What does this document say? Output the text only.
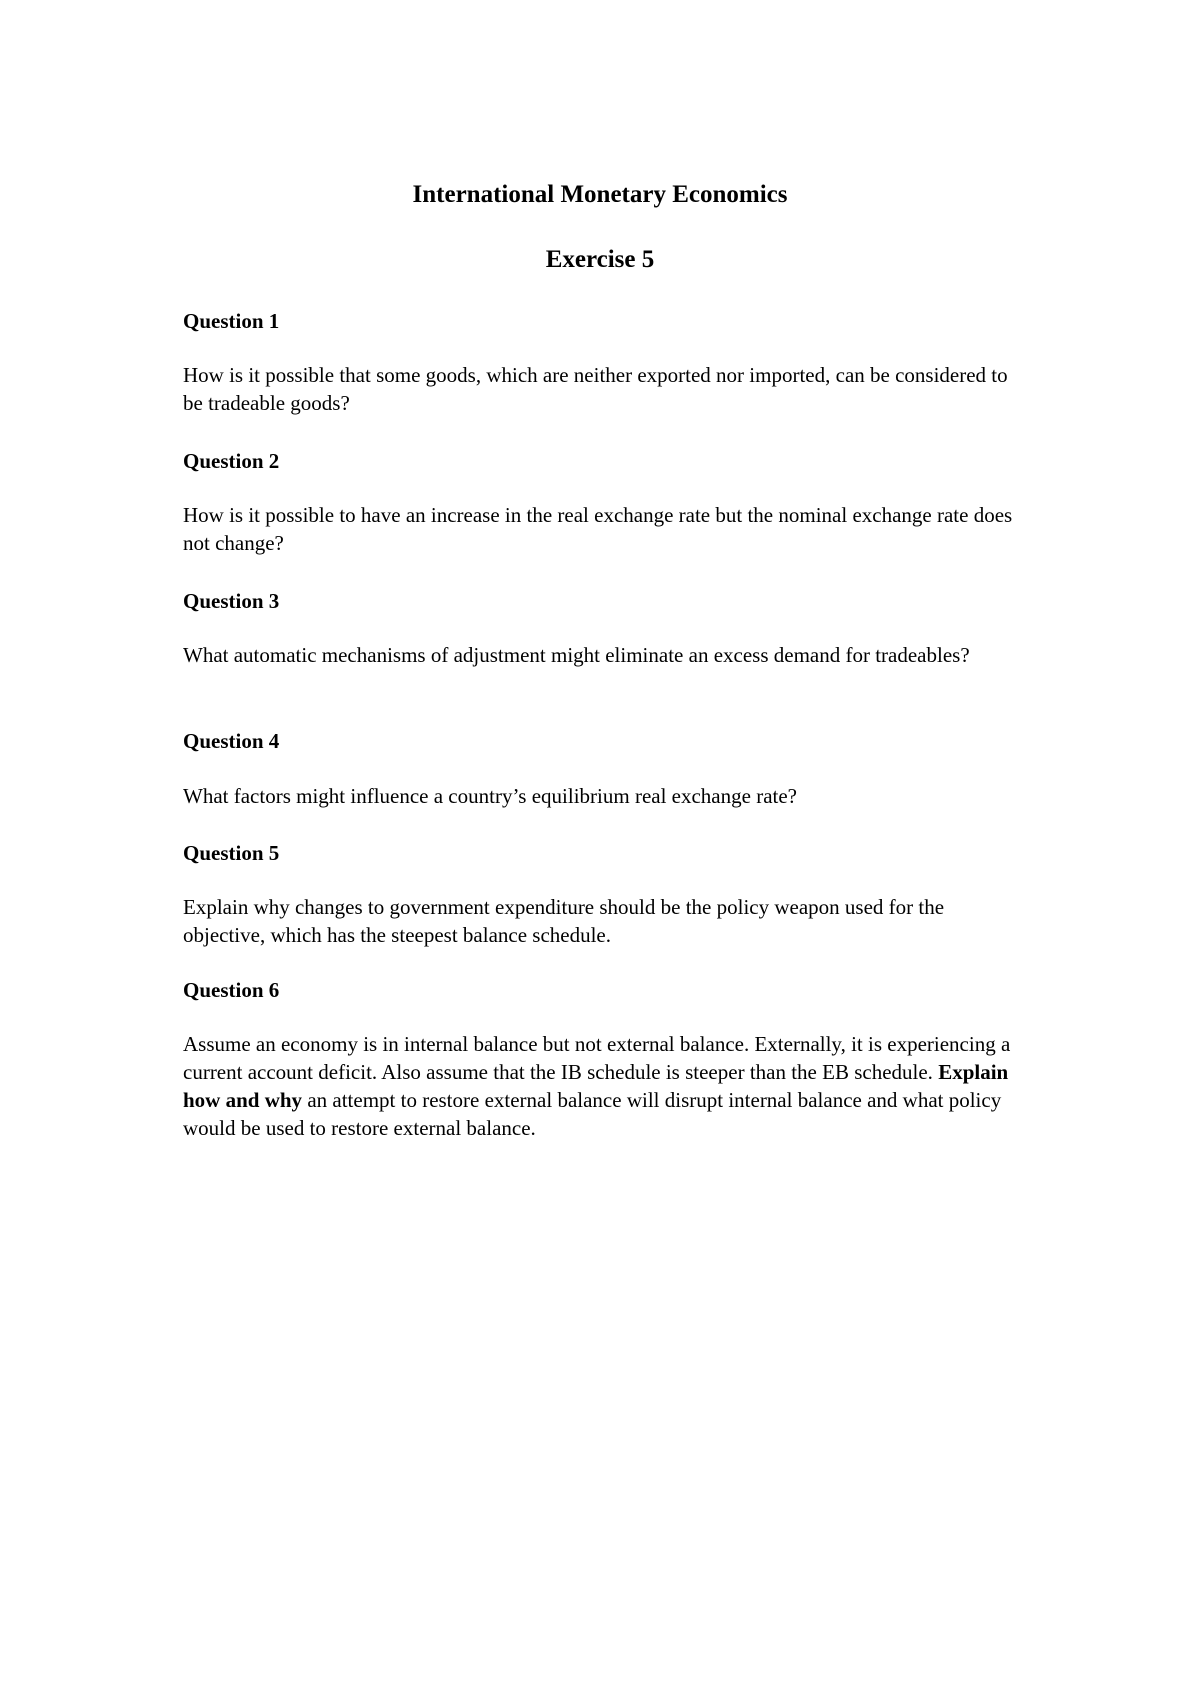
International Monetary Economics
Exercise 5
Question 1

How is it possible that some goods, which are neither exported nor imported, can be considered to be tradeable goods?

Question 2

How is it possible to have an increase in the real exchange rate but the nominal exchange rate does not change?

Question 3

What automatic mechanisms of adjustment might eliminate an excess demand for tradeables?

Question 4

What factors might influence a country’s equilibrium real exchange rate?

Question 5

Explain why changes to government expenditure should be the policy weapon used for the objective, which has the steepest balance schedule.

Question 6

Assume an economy is in internal balance but not external balance. Externally, it is experiencing a current account deficit. Also assume that the IB schedule is steeper than the EB schedule. Explain how and why an attempt to restore external balance will disrupt internal balance and what policy would be used to restore external balance.
